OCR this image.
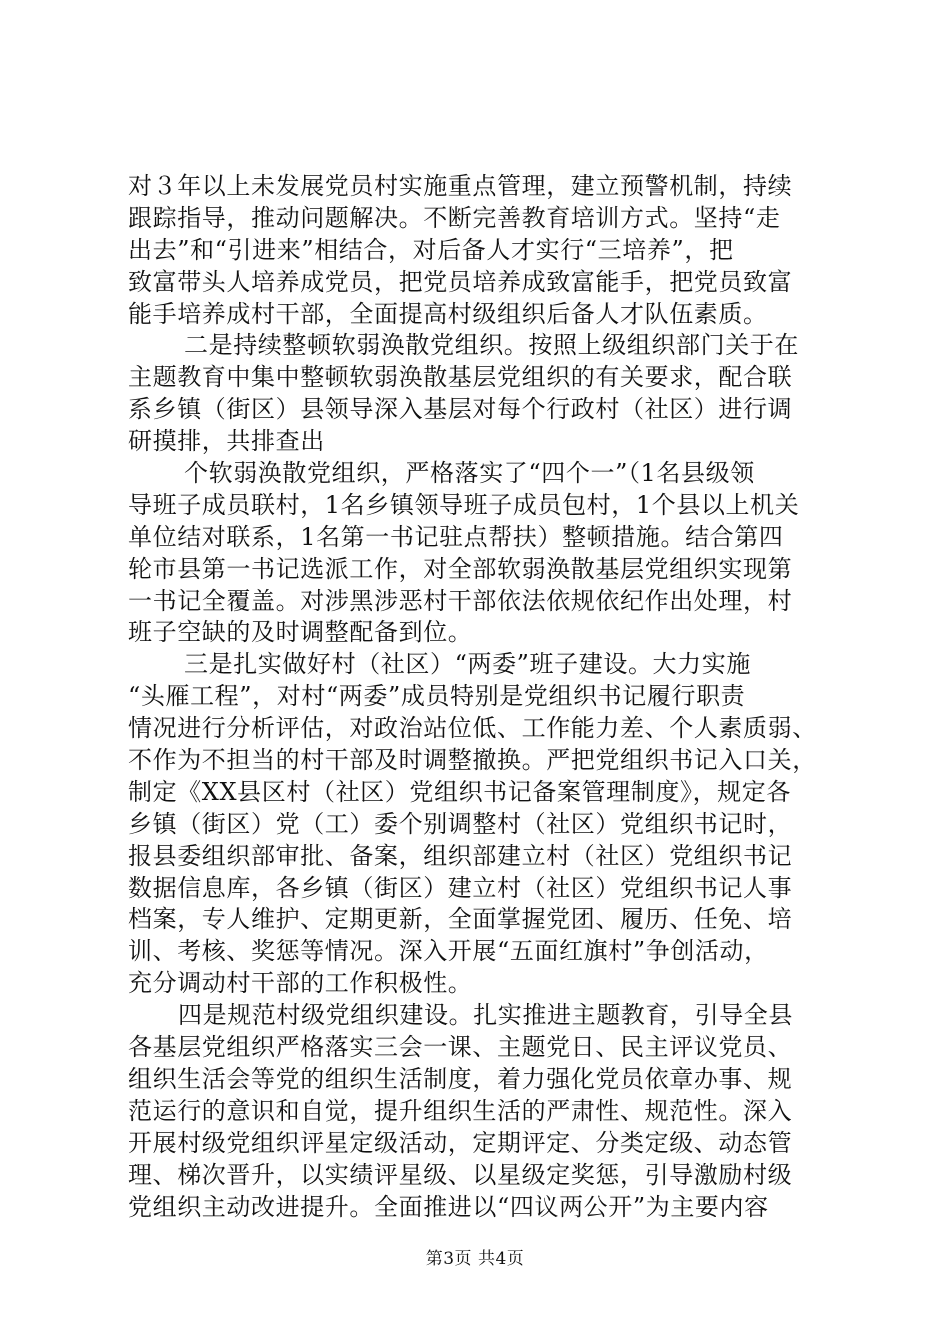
对３年以上未发展党员村实施重点管理，建立预警机制，持续
跟踪指导，推动问题解决。不断完善教育培训方式。坚持“走
出去”和“引进来”相结合，对后备人才实行“三培养”，把
致富带头人培养成党员，把党员培养成致富能手，把党员致富
能手培养成村干部，全面提高村级组织后备人才队伍素质。
二是持续整顿软弱涣散党组织。按照上级组织部门关于在
主题教育中集中整顿软弱涣散基层党组织的有关要求，配合联
系乡镇（街区）县领导深入基层对每个行政村（社区）进行调
研摸排，共排查出
个软弱涣散党组织，严格落实了“四个一”（1名县级领
导班子成员联村，1名乡镇领导班子成员包村，1个县以上机关
单位结对联系，1名第一书记驻点帮扶）整顿措施。结合第四
轮市县第一书记选派工作，对全部软弱涣散基层党组织实现第
一书记全覆盖。对涉黑涉恶村干部依法依规依纪作出处理，村
班子空缺的及时调整配备到位。
三是扎实做好村（社区）“两委”班子建设。大力实施
“头雁工程”，对村“两委”成员特别是党组织书记履行职责
情况进行分析评估，对政治站位低、工作能力差、个人素质弱、
不作为不担当的村干部及时调整撤换。严把党组织书记入口关，
制定《XX县区村（社区）党组织书记备案管理制度》，规定各
乡镇（街区）党（工）委个别调整村（社区）党组织书记时，
报县委组织部审批、备案，组织部建立村（社区）党组织书记
数据信息库，各乡镇（街区）建立村（社区）党组织书记人事
档案，专人维护、定期更新，全面掌握党团、履历、任免、培
训、考核、奖惩等情况。深入开展“五面红旗村”争创活动，
充分调动村干部的工作积极性。
四是规范村级党组织建设。扎实推进主题教育，引导全县
各基层党组织严格落实三会一课、主题党日、民主评议党员、
组织生活会等党的组织生活制度，着力强化党员依章办事、规
范运行的意识和自觉，提升组织生活的严肃性、规范性。深入
开展村级党组织评星定级活动，定期评定、分类定级、动态管
理、梯次晋升，以实绩评星级、以星级定奖惩，引导激励村级
党组织主动改进提升。全面推进以“四议两公开”为主要内容
第3页 共4页
